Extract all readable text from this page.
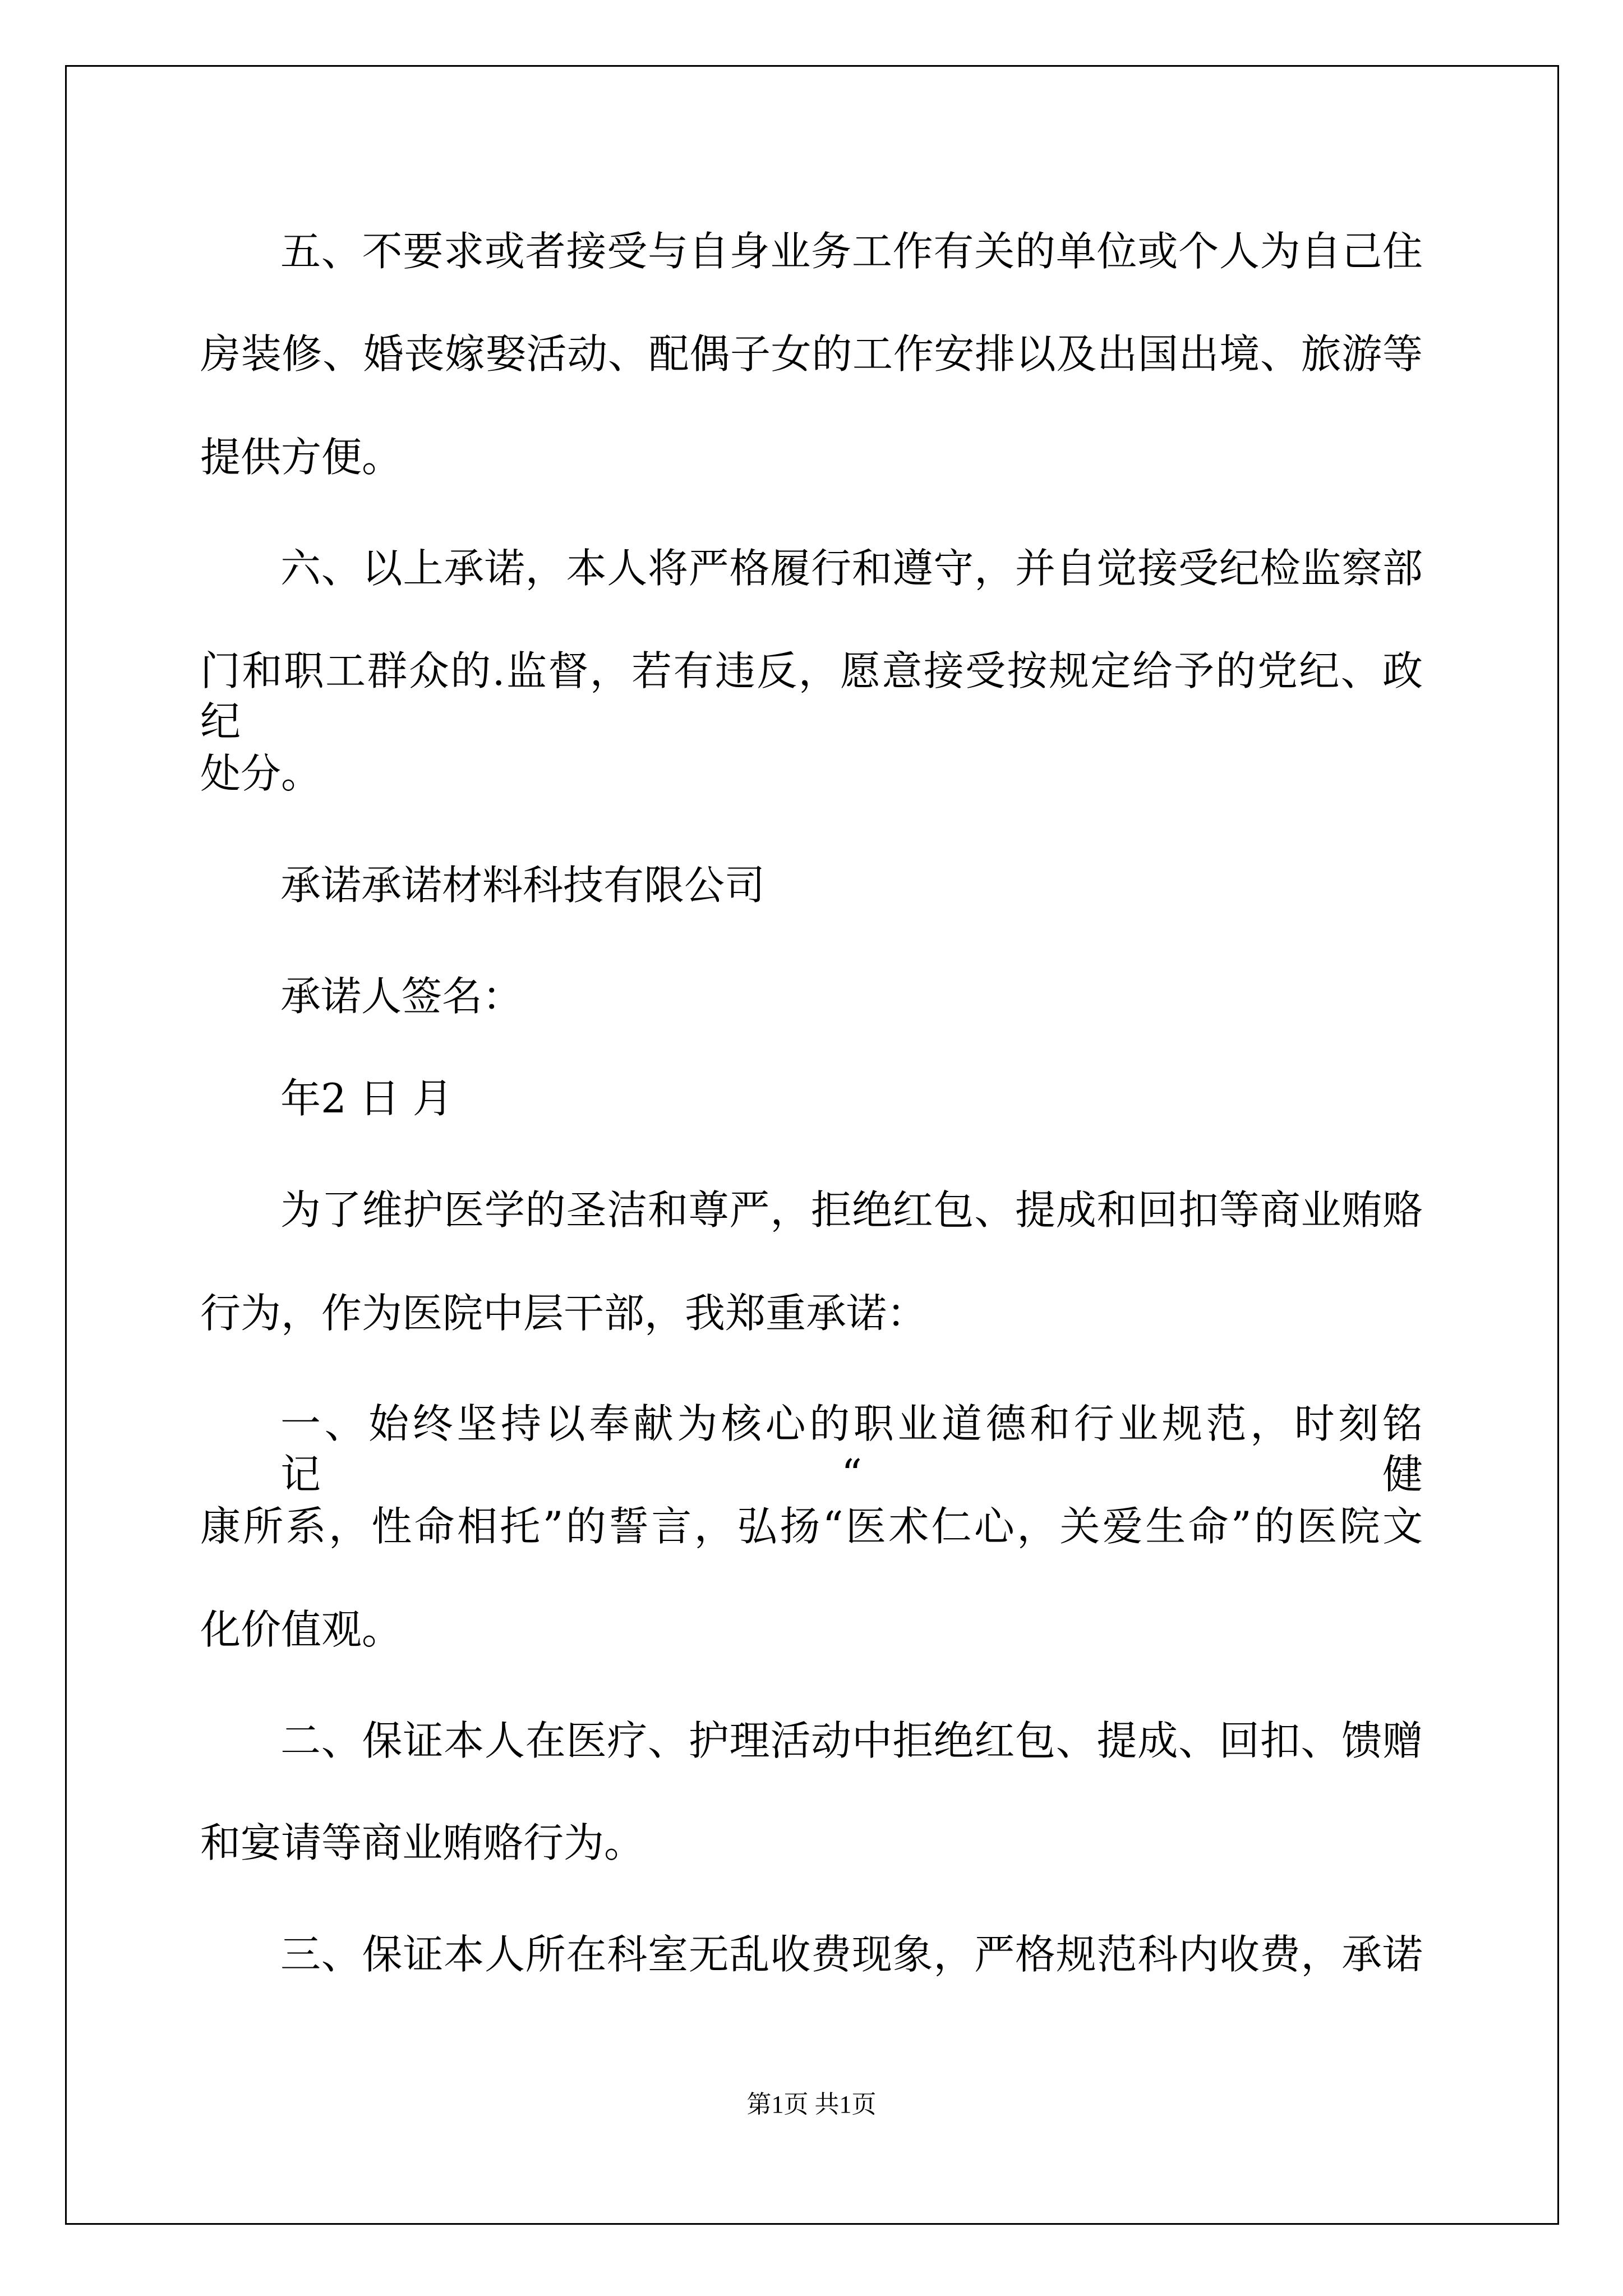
五、不要求或者接受与自身业务工作有关的单位或个人为自己住
房装修、婚丧嫁娶活动、配偶子女的工作安排以及出国出境、旅游等
提供方便。
六、以上承诺，本人将严格履行和遵守，并自觉接受纪检监察部
门和职工群众的.监督，若有违反，愿意接受按规定给予的党纪、政纪
处分。
承诺承诺材料科技有限公司
承诺人签名：
年2 日 月
为了维护医学的圣洁和尊严，拒绝红包、提成和回扣等商业贿赂
行为，作为医院中层干部，我郑重承诺：
一、始终坚持以奉献为核心的职业道德和行业规范，时刻铭记“健
康所系，性命相托”的誓言，弘扬“医术仁心，关爱生命”的医院文
化价值观。
二、保证本人在医疗、护理活动中拒绝红包、提成、回扣、馈赠
和宴请等商业贿赂行为。
三、保证本人所在科室无乱收费现象，严格规范科内收费，承诺
第1页 共1页
